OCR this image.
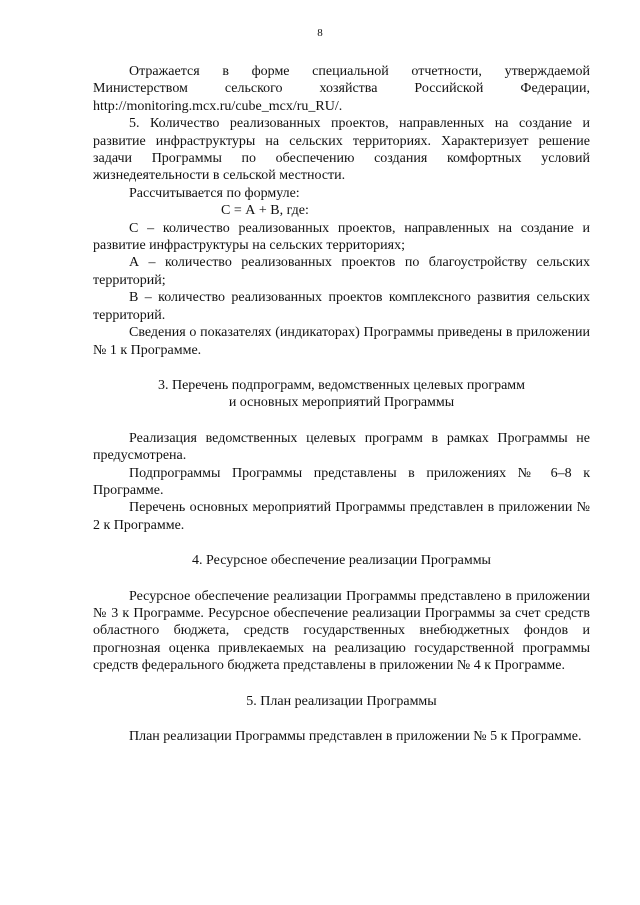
8

Отражается в форме специальной отчетности, утверждаемой Министерством сельского хозяйства Российской Федерации, http://monitoring.mcx.ru/cube_mcx/ru_RU/.

5. Количество реализованных проектов, направленных на создание и развитие инфраструктуры на сельских территориях. Характеризует решение задачи Программы по обеспечению создания комфортных условий жизнедеятельности в сельской местности.

Рассчитывается по формуле:

С = А + В, где:

С – количество реализованных проектов, направленных на создание и развитие инфраструктуры на сельских территориях;

А – количество реализованных проектов по благоустройству сельских территорий;

В – количество реализованных проектов комплексного развития сельских территорий.

Сведения о показателях (индикаторах) Программы приведены в приложении № 1 к Программе.

3. Перечень подпрограмм, ведомственных целевых программ
и основных мероприятий Программы

Реализация ведомственных целевых программ в рамках Программы не предусмотрена.

Подпрограммы Программы представлены в приложениях № 6–8 к Программе.

Перечень основных мероприятий Программы представлен в приложении № 2 к Программе.

4. Ресурсное обеспечение реализации Программы

Ресурсное обеспечение реализации Программы представлено в приложении № 3 к Программе. Ресурсное обеспечение реализации Программы за счет средств областного бюджета, средств государственных внебюджетных фондов и прогнозная оценка привлекаемых на реализацию государственной программы средств федерального бюджета представлены в приложении № 4 к Программе.

5. План реализации Программы

План реализации Программы представлен в приложении № 5 к Программе.
